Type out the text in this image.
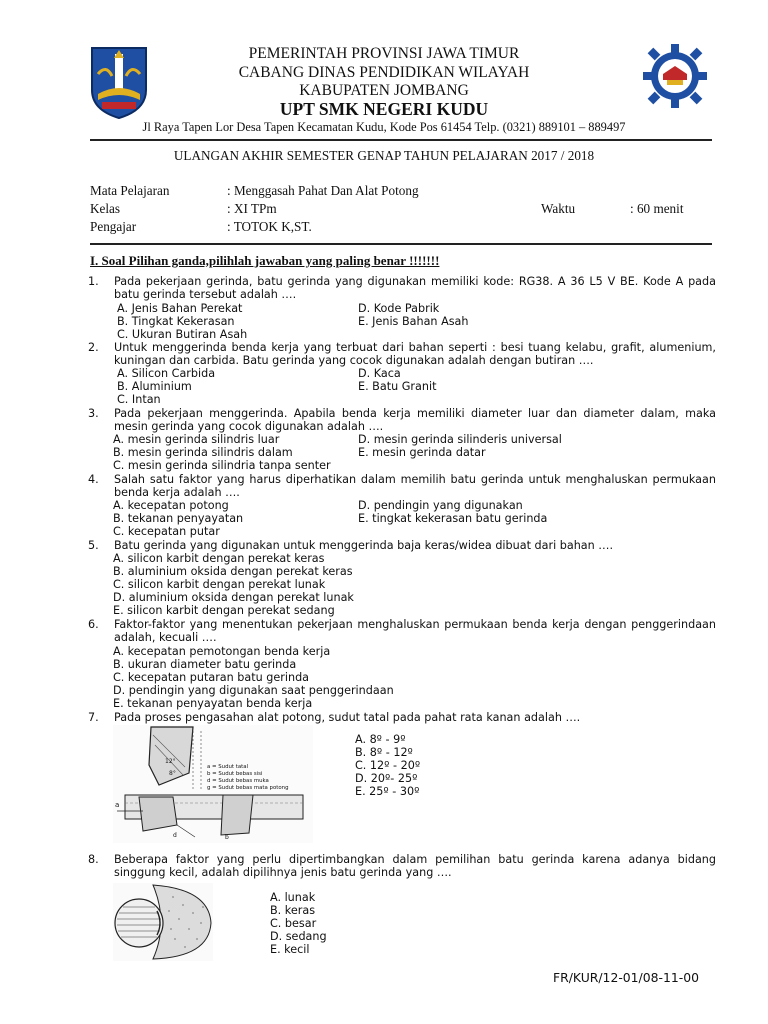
PEMERINTAH PROVINSI JAWA TIMUR
CABANG DINAS PENDIDIKAN WILAYAH
KABUPATEN JOMBANG
UPT SMK NEGERI KUDU
Jl Raya Tapen Lor Desa Tapen Kecamatan Kudu, Kode Pos 61454 Telp. (0321) 889101 – 889497
ULANGAN AKHIR SEMESTER GENAP TAHUN PELAJARAN 2017 / 2018
Mata Pelajaran	: Menggasah Pahat Dan Alat Potong
Kelas	: XI TPm	Waktu	: 60 menit
Pengajar	: TOTOK K,ST.
I. Soal Pilihan ganda,pilihlah jawaban yang paling benar !!!!!!!
1. Pada pekerjaan gerinda, batu gerinda yang digunakan memiliki kode: RG38. A 36 L5 V BE. Kode A pada batu gerinda tersebut adalah ….
A. Jenis Bahan Perekat
B. Tingkat Kekerasan
C. Ukuran Butiran Asah
D. Kode Pabrik
E. Jenis Bahan Asah
2. Untuk menggerinda benda kerja yang terbuat dari bahan seperti : besi tuang kelabu, grafit, alumenium, kuningan dan carbida. Batu gerinda yang cocok digunakan adalah dengan butiran ….
A. Silicon Carbida
B. Aluminium
C. Intan
D. Kaca
E. Batu Granit
3. Pada pekerjaan menggerinda. Apabila benda kerja memiliki diameter luar dan diameter dalam, maka mesin gerinda yang cocok digunakan adalah ….
A. mesin gerinda silindris luar
B. mesin gerinda silindris dalam
C. mesin gerinda silindria tanpa senter
D. mesin gerinda silinderis universal
E. mesin gerinda datar
4. Salah satu faktor yang harus diperhatikan dalam memilih batu gerinda untuk menghaluskan permukaan benda kerja adalah ….
A. kecepatan potong
B. tekanan penyayatan
C. kecepatan putar
D. pendingin yang digunakan
E. tingkat kekerasan batu gerinda
5. Batu gerinda yang digunakan untuk menggerinda baja keras/widea dibuat dari bahan ….
A. silicon karbit dengan perekat keras
B. aluminium oksida dengan perekat keras
C. silicon karbit dengan perekat lunak
D. aluminium oksida dengan perekat lunak
E. silicon karbit dengan perekat sedang
6. Faktor-faktor yang menentukan pekerjaan menghaluskan permukaan benda kerja dengan penggerindaan adalah, kecuali ….
A. kecepatan pemotongan benda kerja
B. ukuran diameter batu gerinda
C. kecepatan putaran batu gerinda
D. pendingin yang digunakan saat penggerindaan
E. tekanan penyayatan benda kerja
7. Pada proses pengasahan alat potong, sudut tatal pada pahat rata kanan adalah ….
12°
8°
a = Sudut tatal
b = Sudut bebas sisi
d = Sudut bebas muka
g = Sudut bebas mata potong
a
d	b
A. 8º - 9º
B. 8º - 12º
C. 12º - 20º
D. 20º- 25º
E. 25º - 30º
8. Beberapa faktor yang perlu dipertimbangkan dalam pemilihan batu gerinda karena adanya bidang singgung kecil, adalah dipilihnya jenis batu gerinda yang ….
A. lunak
B. keras
C. besar
D. sedang
E. kecil
FR/KUR/12-01/08-11-00
